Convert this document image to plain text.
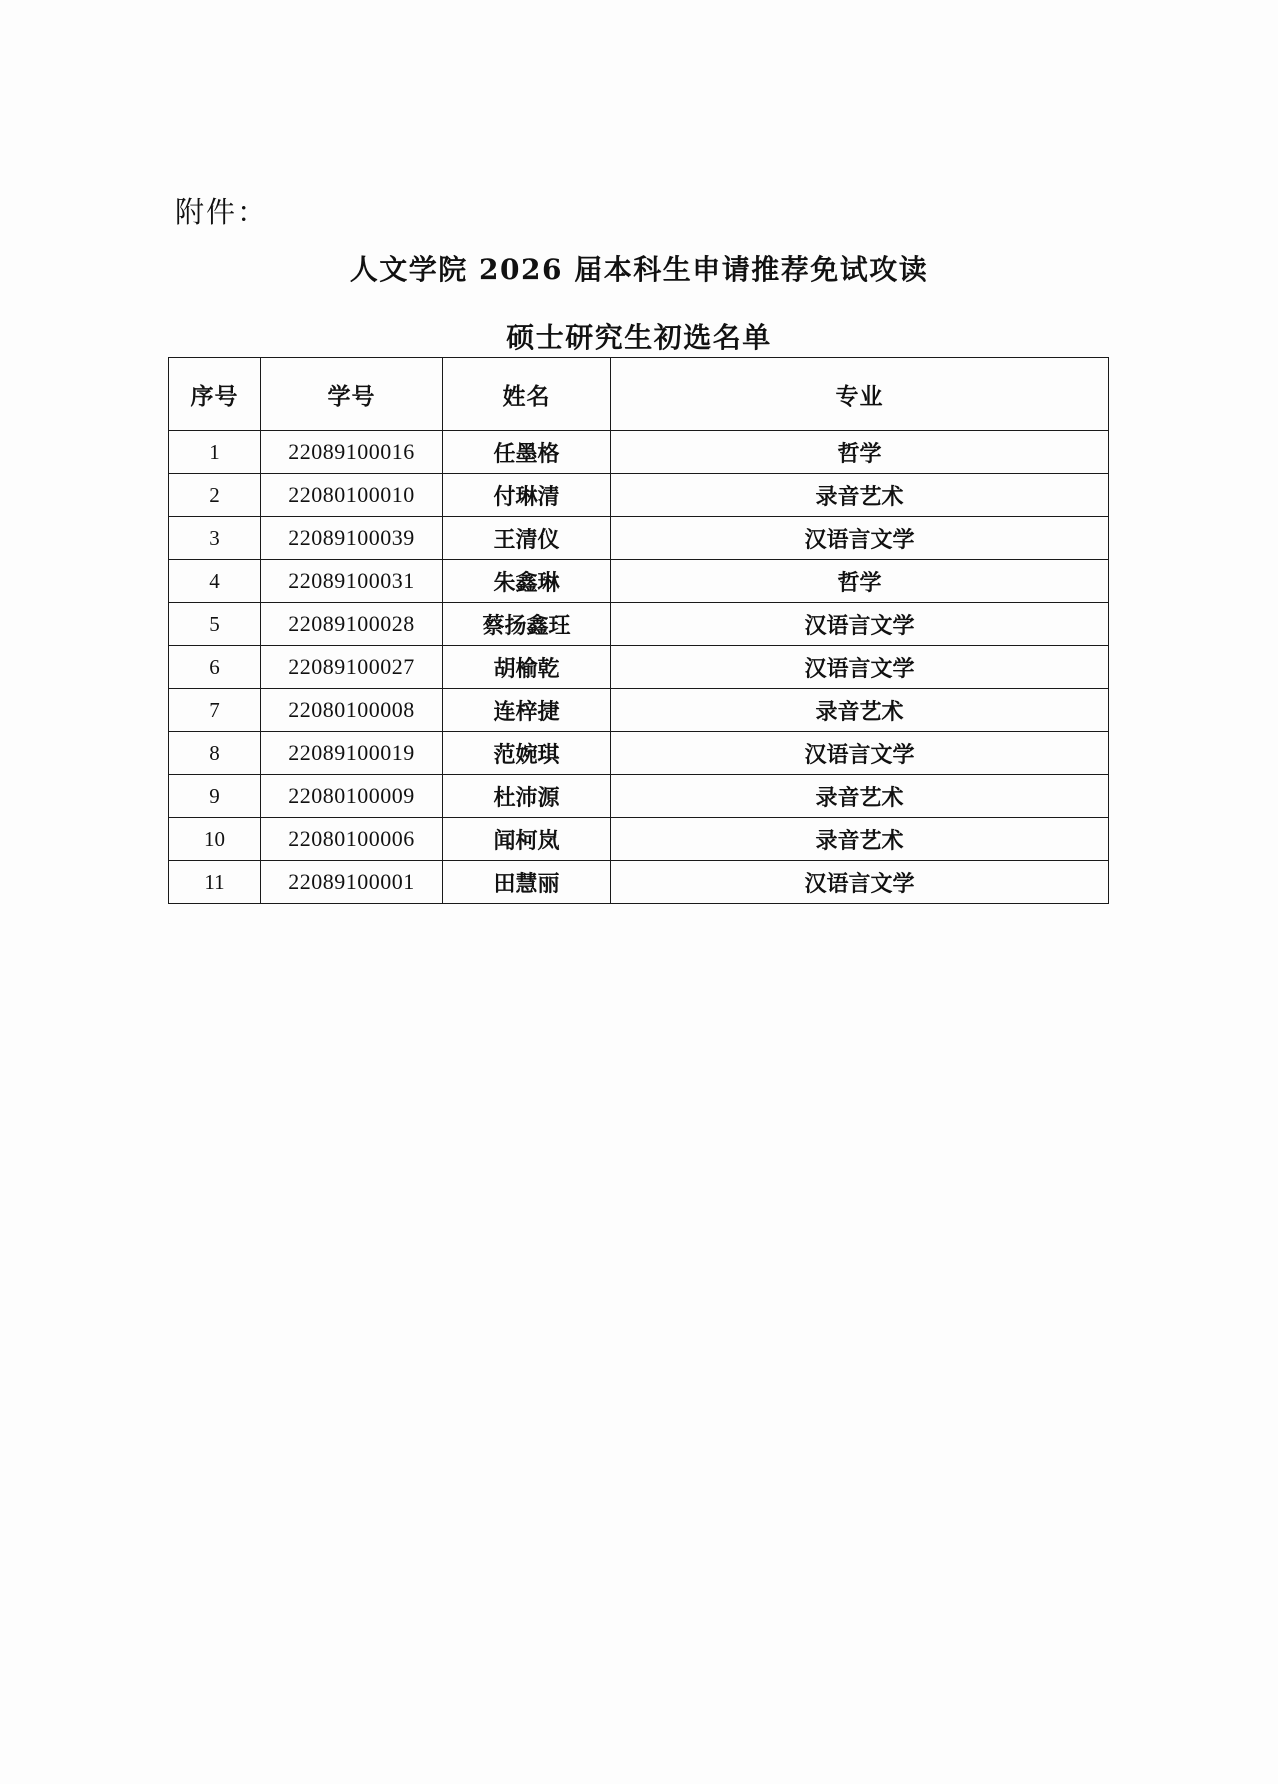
附件：
人文学院 2026 届本科生申请推荐免试攻读
硕士研究生初选名单
序号	学号	姓名	专业
1	22089100016	任墨格	哲学
2	22080100010	付琳清	录音艺术
3	22089100039	王清仪	汉语言文学
4	22089100031	朱鑫琳	哲学
5	22089100028	蔡扬鑫玨	汉语言文学
6	22089100027	胡榆乾	汉语言文学
7	22080100008	连梓捷	录音艺术
8	22089100019	范婉琪	汉语言文学
9	22080100009	杜沛源	录音艺术
10	22080100006	闻柯岚	录音艺术
11	22089100001	田慧丽	汉语言文学
